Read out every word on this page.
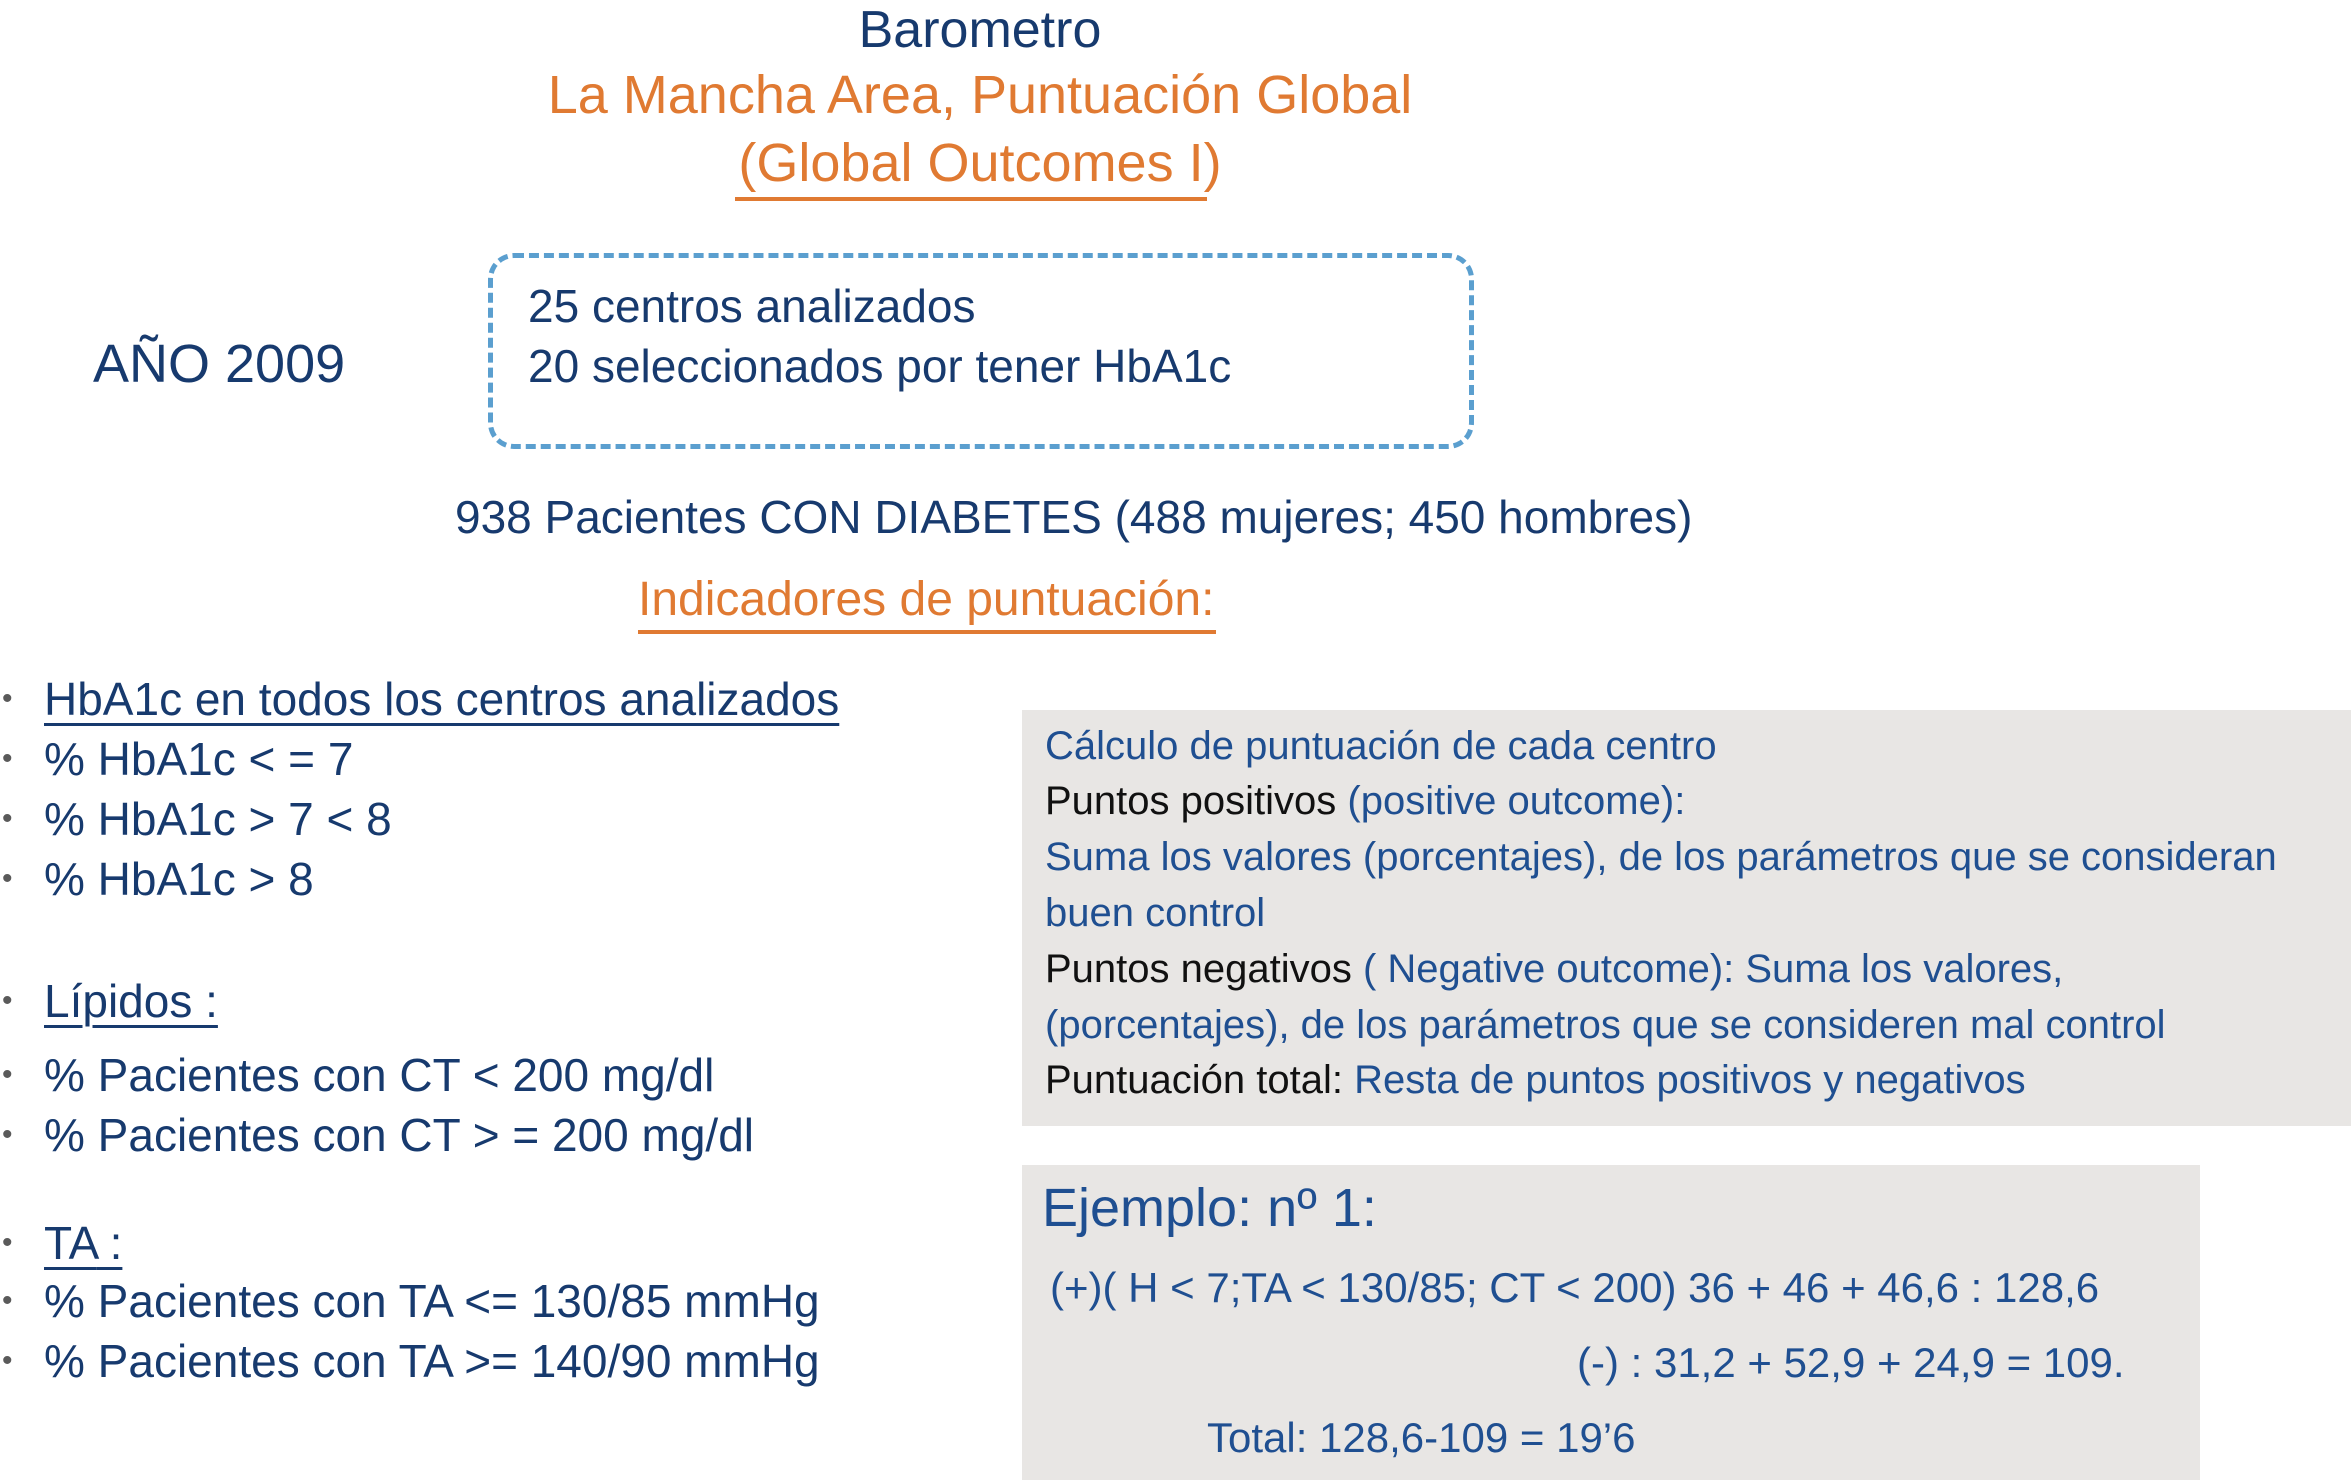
Barometro
La Mancha Area, Puntuación Global
(Global Outcomes I)
AÑO 2009
25 centros analizados
20 seleccionados por tener HbA1c
938 Pacientes CON DIABETES (488 mujeres; 450 hombres)
Indicadores de puntuación:
• HbA1c en todos los centros analizados
• % HbA1c < = 7
• % HbA1c > 7 < 8
• % HbA1c > 8
• Lípidos :
• % Pacientes con CT < 200 mg/dl
• % Pacientes con CT > = 200 mg/dl
• TA :
• % Pacientes con TA <= 130/85 mmHg
• % Pacientes con TA >= 140/90 mmHg
Cálculo de puntuación de cada centro
Puntos positivos (positive outcome):
Suma los valores (porcentajes), de los parámetros que se consideran
buen control
Puntos negativos ( Negative outcome): Suma los valores,
(porcentajes), de los parámetros que se consideren mal control
Puntuación total: Resta de puntos positivos y negativos
Ejemplo: nº 1:
(+)( H < 7;TA < 130/85; CT < 200) 36 + 46 + 46,6 : 128,6
(-) : 31,2 + 52,9 + 24,9 = 109.
Total: 128,6-109 = 19’6
